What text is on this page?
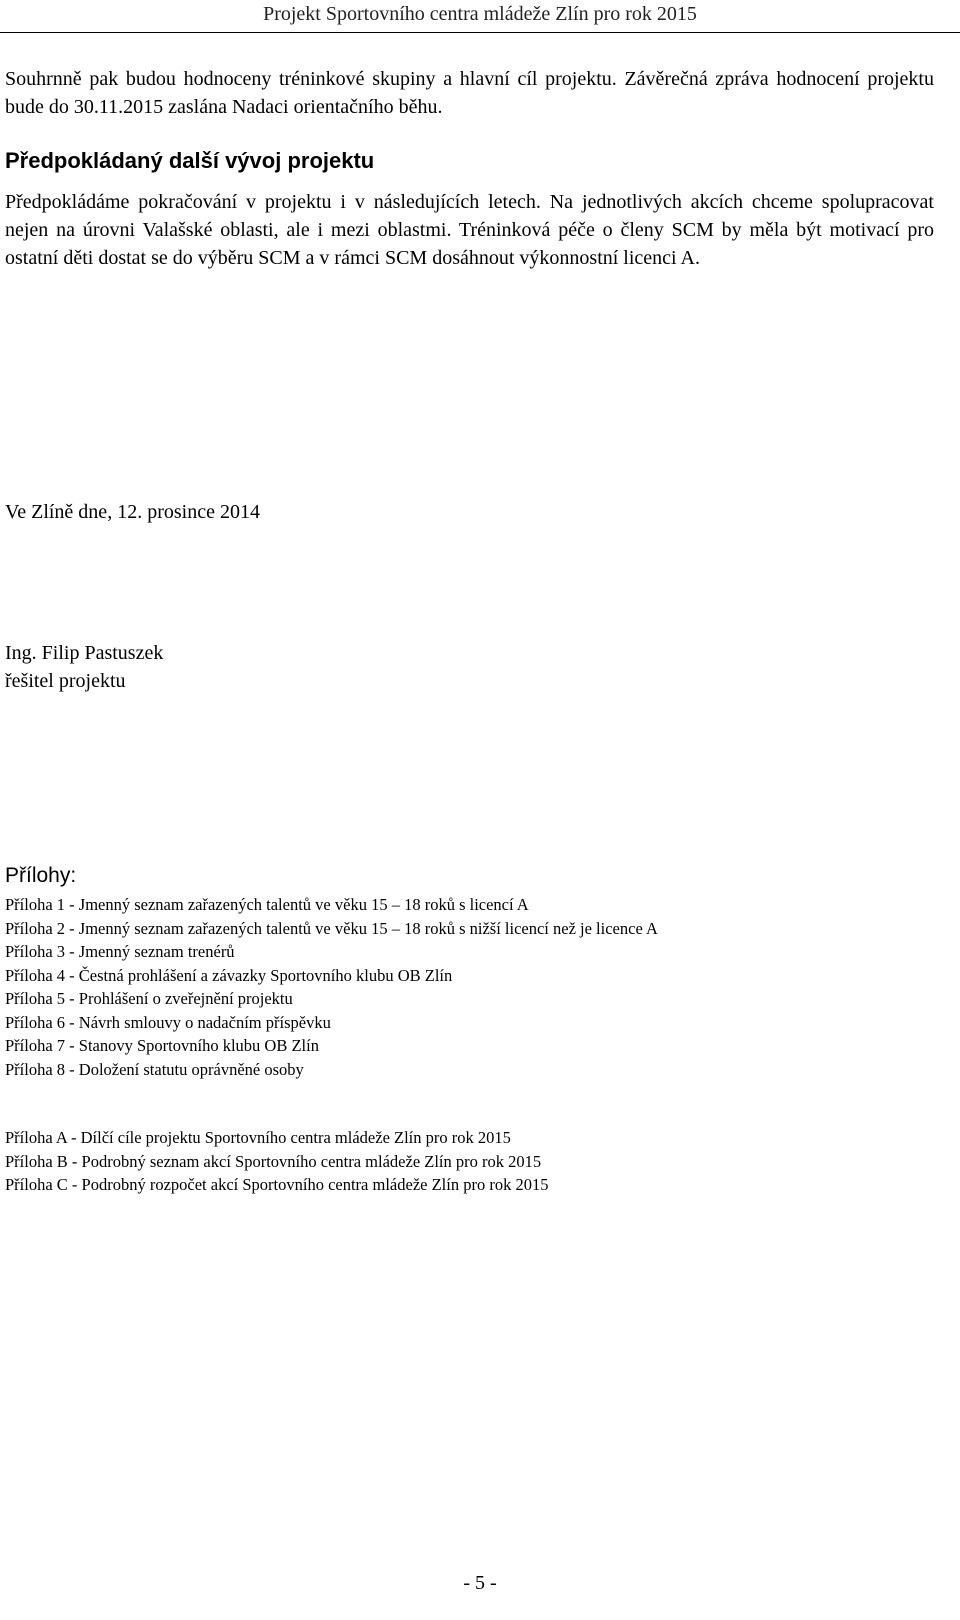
Projekt Sportovního centra mládeže Zlín pro rok 2015
Souhrnně pak budou hodnoceny tréninkové skupiny a hlavní cíl projektu. Závěrečná zpráva hodnocení projektu bude do 30.11.2015 zaslána Nadaci orientačního běhu.
Předpokládaný další vývoj projektu
Předpokládáme pokračování v projektu i v následujících letech. Na jednotlivých akcích chceme spolupracovat nejen na úrovni Valašské oblasti, ale i mezi oblastmi. Tréninková péče o členy SCM by měla být motivací pro ostatní děti dostat se do výběru SCM a v rámci SCM dosáhnout výkonnostní licenci A.
Ve Zlíně dne, 12. prosince 2014
Ing. Filip Pastuszek
řešitel projektu
Přílohy:
Příloha 1 - Jmenný seznam zařazených talentů ve věku 15 – 18 roků s licencí A
Příloha 2 - Jmenný seznam zařazených talentů ve věku 15 – 18 roků s nižší licencí než je licence A
Příloha 3 - Jmenný seznam trenérů
Příloha 4 - Čestná prohlášení a závazky Sportovního klubu OB Zlín
Příloha 5 - Prohlášení o zveřejnění projektu
Příloha 6 - Návrh smlouvy o nadačním příspěvku
Příloha 7 - Stanovy Sportovního klubu OB Zlín
Příloha 8 - Doložení statutu oprávněné osoby
Příloha A - Dílčí cíle projektu Sportovního centra mládeže Zlín pro rok 2015
Příloha B - Podrobný seznam akcí Sportovního centra mládeže Zlín pro rok 2015
Příloha C - Podrobný rozpočet akcí Sportovního centra mládeže Zlín pro rok 2015
- 5 -
